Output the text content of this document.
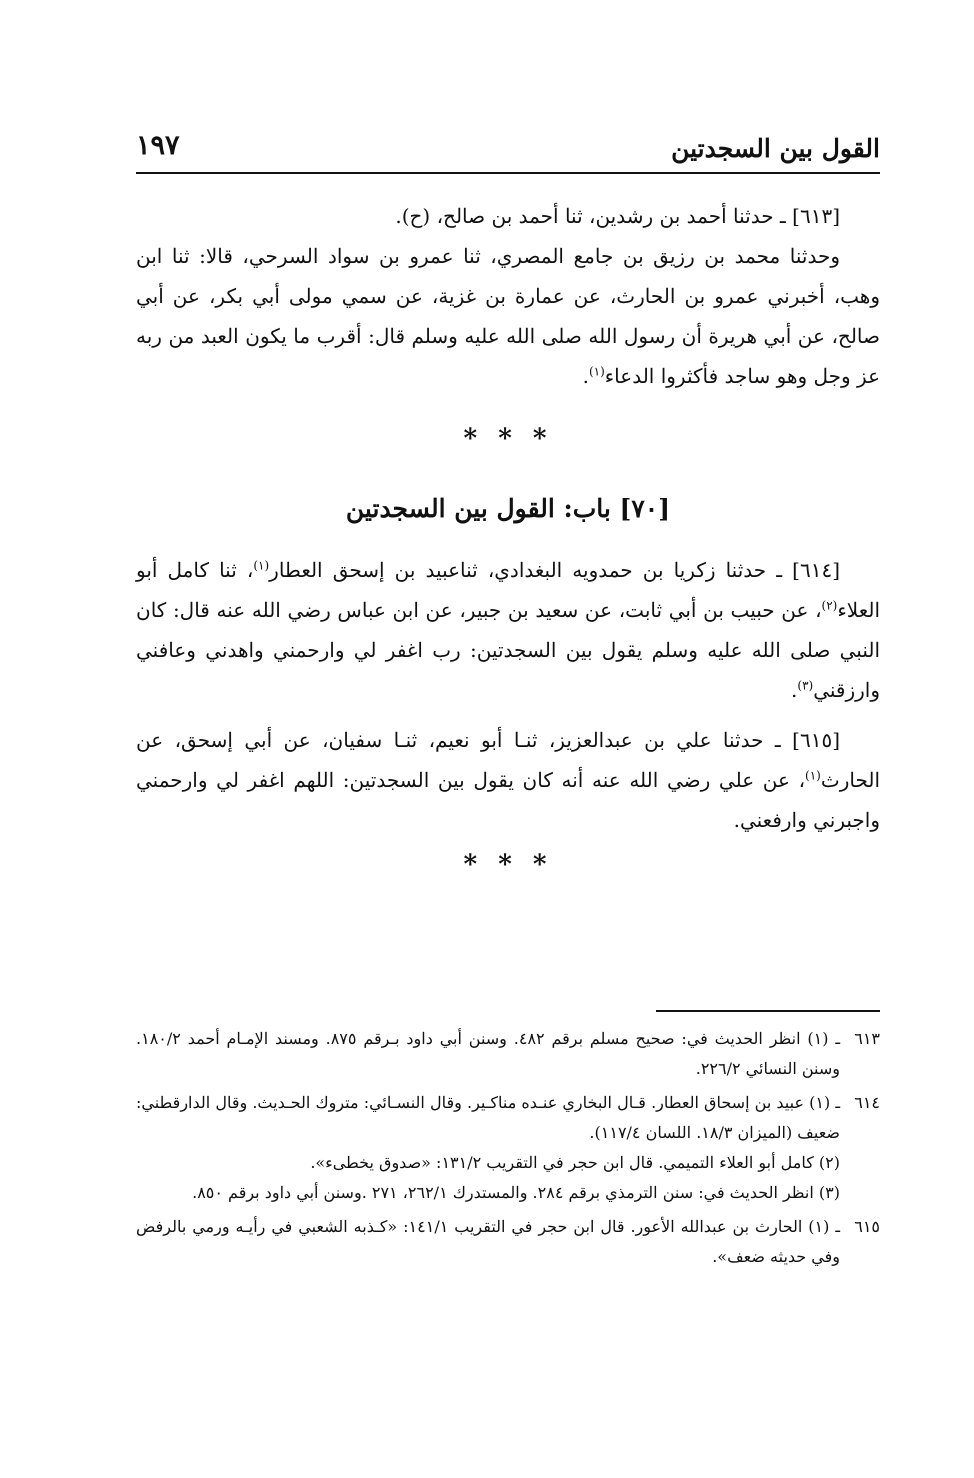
القول بين السجدتين
١٩٧

[٦١٣] ـ حدثنا أحمد بن رشدين، ثنا أحمد بن صالح، (ح).

وحدثنا محمد بن رزيق بن جامع المصري، ثنا عمرو بن سواد السرحي، قالا: ثنا ابن وهب، أخبرني عمرو بن الحارث، عن عمارة بن غزية، عن سمي مولى أبي بكر، عن أبي صالح، عن أبي هريرة أن رسول الله صلى الله عليه وسلم قال: أقرب ما يكون العبد من ربه عز وجل وهو ساجد فأكثروا الدعاء$^{(١)}$.

* * *
[٧٠] باب: القول بين السجدتين

[٦١٤] ـ حدثنا زكريا بن حمدويه البغدادي، ثناعبيد بن إسحق العطار$^{(١)}$، ثنا كامل أبو العلاء$^{(٢)}$، عن حبيب بن أبي ثابت، عن سعيد بن جبير، عن ابن عباس رضي الله عنه قال: كان النبي صلى الله عليه وسلم يقول بين السجدتين: رب اغفر لي وارحمني واهدني وعافني وارزقني$^{(٣)}$.

[٦١٥] ـ حدثنا علي بن عبدالعزيز، ثنـا أبو نعيم، ثنـا سفيان، عن أبي إسحق، عن الحارث$^{(١)}$، عن علي رضي الله عنه أنه كان يقول بين السجدتين: اللهم اغفر لي وارحمني واجبرني وارفعني.

* * *
٦١٣
ـ (١) انظر الحديث في: صحيح مسلم برقم ٤٨٢. وسنن أبي داود بـرقم ٨٧٥. ومسند الإمـام أحمد ١٨٠/٢. وسنن النسائي ٢٢٦/٢.
٦١٤
ـ (١) عبيد بن إسحاق العطار. قـال البخاري عنـده مناكـير. وقال النسـائي: متروك الحـديث. وقال الدارقطني: ضعيف (الميزان ١٨/٣. اللسان ١١٧/٤).
(٢) كامل أبو العلاء التميمي. قال ابن حجر في التقريب ١٣١/٢: «صدوق يخطىء».
(٣) انظر الحديث في: سنن الترمذي برقم ٢٨٤. والمستدرك ٢٦٢/١، ٢٧١ .وسنن أبي داود برقم ٨٥٠.
٦١٥
ـ (١) الحارث بن عبدالله الأعور. قال ابن حجر في التقريب ١٤١/١: «كـذبه الشعبي في رأيـه ورمي بالرفض وفي حديثه ضعف».
